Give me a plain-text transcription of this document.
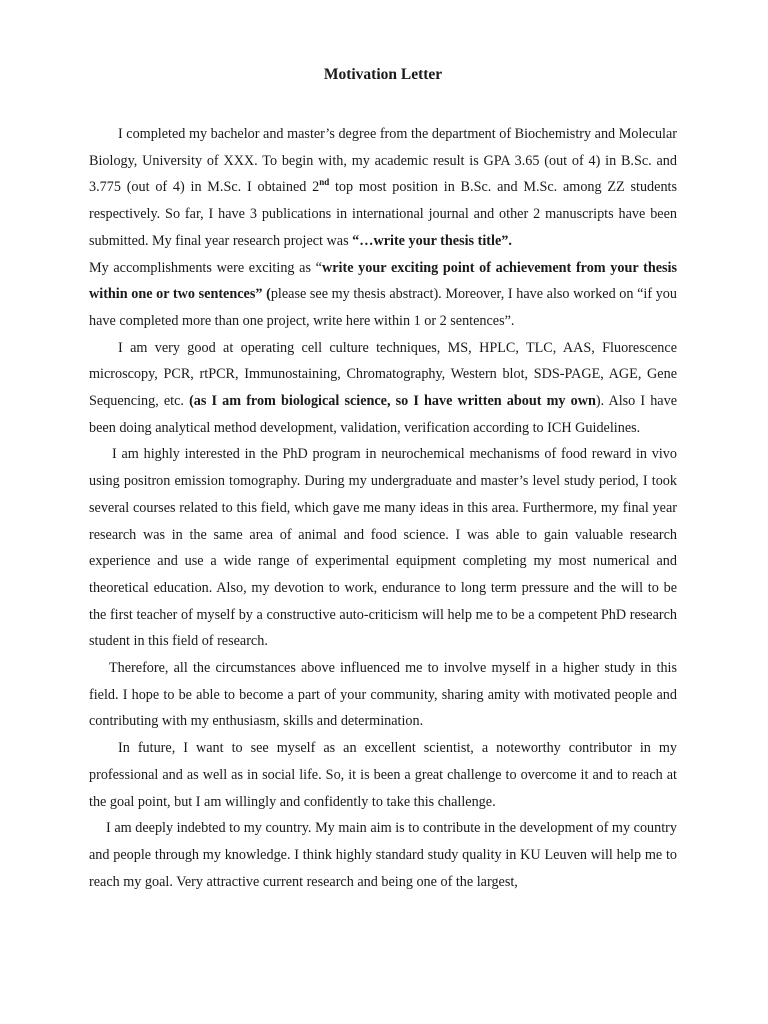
Motivation Letter

I completed my bachelor and master’s degree from the department of Biochemistry and Molecular Biology, University of XXX. To begin with, my academic result is GPA 3.65 (out of 4) in B.Sc. and 3.775 (out of 4) in M.Sc. I obtained 2nd top most position in B.Sc. and M.Sc. among ZZ students respectively. So far, I have 3 publications in international journal and other 2 manuscripts have been submitted. My final year research project was “…write your thesis title”.

My accomplishments were exciting as “write your exciting point of achievement from your thesis within one or two sentences” (please see my thesis abstract). Moreover, I have also worked on “if you have completed more than one project, write here within 1 or 2 sentences”.

I am very good at operating cell culture techniques, MS, HPLC, TLC, AAS, Fluorescence microscopy, PCR, rtPCR, Immunostaining, Chromatography, Western blot, SDS-PAGE, AGE, Gene Sequencing, etc. (as I am from biological science, so I have written about my own). Also I have been doing analytical method development, validation, verification according to ICH Guidelines.

I am highly interested in the PhD program in neurochemical mechanisms of food reward in vivo using positron emission tomography. During my undergraduate and master’s level study period, I took several courses related to this field, which gave me many ideas in this area. Furthermore, my final year research was in the same area of animal and food science. I was able to gain valuable research experience and use a wide range of experimental equipment completing my most numerical and theoretical education. Also, my devotion to work, endurance to long term pressure and the will to be the first teacher of myself by a constructive auto-criticism will help me to be a competent PhD research student in this field of research.

Therefore, all the circumstances above influenced me to involve myself in a higher study in this field. I hope to be able to become a part of your community, sharing amity with motivated people and contributing with my enthusiasm, skills and determination.

In future, I want to see myself as an excellent scientist, a noteworthy contributor in my professional and as well as in social life. So, it is been a great challenge to overcome it and to reach at the goal point, but I am willingly and confidently to take this challenge.

I am deeply indebted to my country. My main aim is to contribute in the development of my country and people through my knowledge. I think highly standard study quality in KU Leuven will help me to reach my goal. Very attractive current research and being one of the largest,
